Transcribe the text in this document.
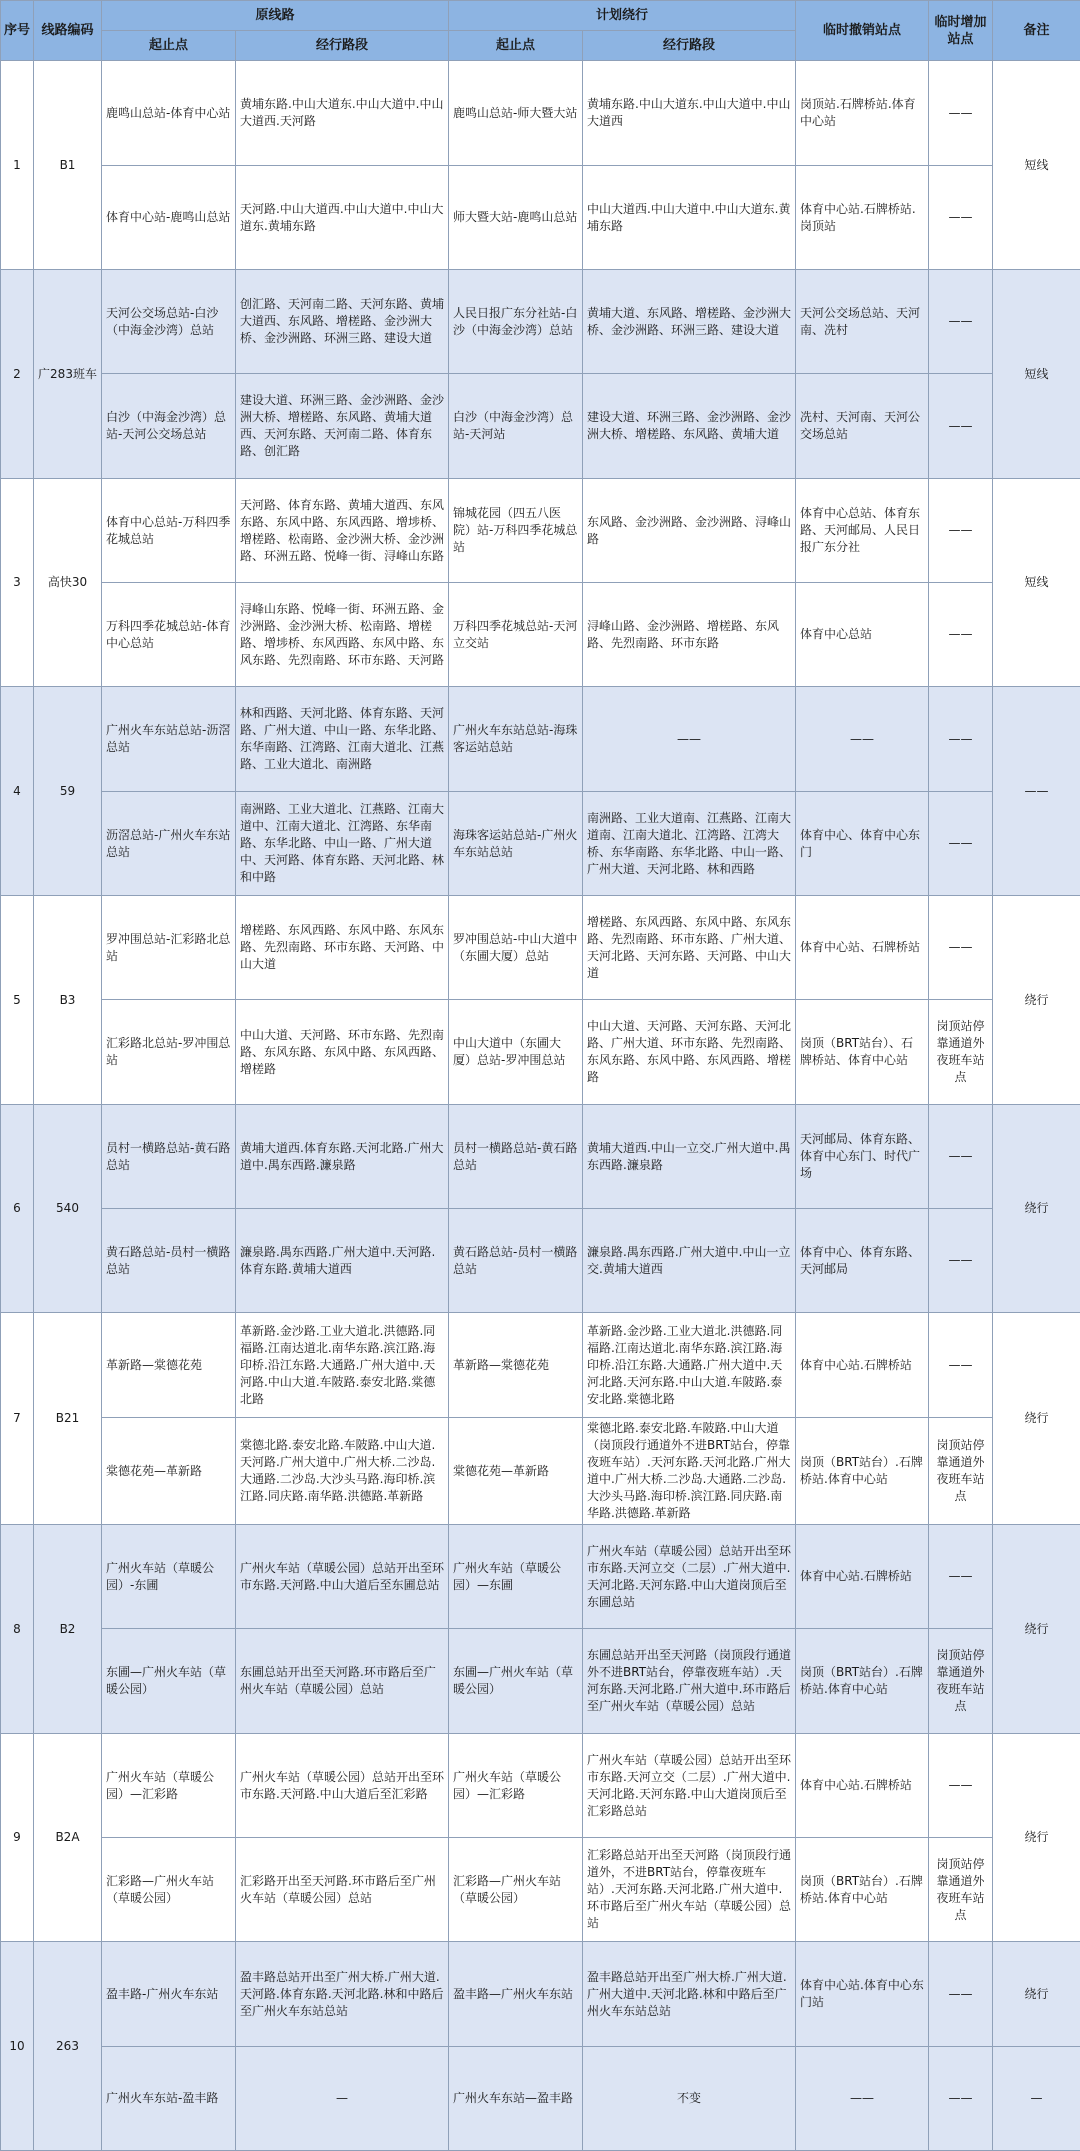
序号	线路编码	原线路		计划绕行		临时撤销站点	临时增加站点	备注
		起止点	经行路段	起止点	经行路段			
1	B1	鹿鸣山总站-体育中心站	黄埔东路.中山大道东.中山大道中.中山大道西.天河路	鹿鸣山总站-师大暨大站	黄埔东路.中山大道东.中山大道中.中山大道西	岗顶站.石牌桥站.体育中心站	——	短线
		体育中心站-鹿鸣山总站	天河路.中山大道西.中山大道中.中山大道东.黄埔东路	师大暨大站-鹿鸣山总站	中山大道西.中山大道中.中山大道东.黄埔东路	体育中心站.石牌桥站.岗顶站	——	
2	广283班车	天河公交场总站-白沙（中海金沙湾）总站	创汇路、天河南二路、天河东路、黄埔大道西、东风路、增槎路、金沙洲大桥、金沙洲路、环洲三路、建设大道	人民日报广东分社站-白沙（中海金沙湾）总站	黄埔大道、东风路、增槎路、金沙洲大桥、金沙洲路、环洲三路、建设大道	天河公交场总站、天河南、冼村	——	短线
		白沙（中海金沙湾）总站-天河公交场总站	建设大道、环洲三路、金沙洲路、金沙洲大桥、增槎路、东风路、黄埔大道西、天河东路、天河南二路、体育东路、创汇路	白沙（中海金沙湾）总站-天河站	建设大道、环洲三路、金沙洲路、金沙洲大桥、增槎路、东风路、黄埔大道	冼村、天河南、天河公交场总站	——	
3	高快30	体育中心总站-万科四季花城总站	天河路、体育东路、黄埔大道西、东风东路、东风中路、东风西路、增埗桥、增槎路、松南路、金沙洲大桥、金沙洲路、环洲五路、悦峰一街、浔峰山东路	锦城花园（四五八医院）站-万科四季花城总站	东风路、金沙洲路、金沙洲路、浔峰山路	体育中心总站、体育东路、天河邮局、人民日报广东分社	——	短线
		万科四季花城总站-体育中心总站	浔峰山东路、悦峰一街、环洲五路、金沙洲路、金沙洲大桥、松南路、增槎路、增埗桥、东风西路、东风中路、东风东路、先烈南路、环市东路、天河路	万科四季花城总站-天河立交站	浔峰山路、金沙洲路、增槎路、东风路、先烈南路、环市东路	体育中心总站	——	
4	59	广州火车东站总站-沥滘总站	林和西路、天河北路、体育东路、天河路、广州大道、中山一路、东华北路、东华南路、江湾路、江南大道北、江燕路、工业大道北、南洲路	广州火车东站总站-海珠客运站总站	——	——	——	——
		沥滘总站-广州火车东站总站	南洲路、工业大道北、江燕路、江南大道中、江南大道北、江湾路、东华南路、东华北路、中山一路、广州大道中、天河路、体育东路、天河北路、林和中路	海珠客运站总站-广州火车东站总站	南洲路、工业大道南、江燕路、江南大道南、江南大道北、江湾路、江湾大桥、东华南路、东华北路、中山一路、广州大道、天河北路、林和西路	体育中心、体育中心东门	——	
5	B3	罗冲围总站-汇彩路北总站	增槎路、东风西路、东风中路、东风东路、先烈南路、环市东路、天河路、中山大道	罗冲围总站-中山大道中（东圃大厦）总站	增槎路、东风西路、东风中路、东风东路、先烈南路、环市东路、广州大道、天河北路、天河东路、天河路、中山大道	体育中心站、石牌桥站	——	绕行
		汇彩路北总站-罗冲围总站	中山大道、天河路、环市东路、先烈南路、东风东路、东风中路、东风西路、增槎路	中山大道中（东圃大厦）总站-罗冲围总站	中山大道、天河路、天河东路、天河北路、广州大道、环市东路、先烈南路、东风东路、东风中路、东风西路、增槎路	岗顶（BRT站台）、石牌桥站、体育中心站	岗顶站停靠通道外夜班车站点	
6	540	员村一横路总站-黄石路总站	黄埔大道西.体育东路.天河北路.广州大道中.禺东西路.濂泉路	员村一横路总站-黄石路总站	黄埔大道西.中山一立交.广州大道中.禺东西路.濂泉路	天河邮局、体育东路、体育中心东门、时代广场	——	绕行
		黄石路总站-员村一横路总站	濂泉路.禺东西路.广州大道中.天河路.体育东路.黄埔大道西	黄石路总站-员村一横路总站	濂泉路.禺东西路.广州大道中.中山一立交.黄埔大道西	体育中心、体育东路、天河邮局	——	
7	B21	革新路—棠德花苑	革新路.金沙路.工业大道北.洪德路.同福路.江南达道北.南华东路.滨江路.海印桥.沿江东路.大通路.广州大道中.天河路.中山大道.车陂路.泰安北路.棠德北路	革新路—棠德花苑	革新路.金沙路.工业大道北.洪德路.同福路.江南达道北.南华东路.滨江路.海印桥.沿江东路.大通路.广州大道中.天河北路.天河东路.中山大道.车陂路.泰安北路.棠德北路	体育中心站.石牌桥站	——	绕行
		棠德花苑—革新路	棠德北路.泰安北路.车陂路.中山大道.天河路.广州大道中.广州大桥.二沙岛.大通路.二沙岛.大沙头马路.海印桥.滨江路.同庆路.南华路.洪德路.革新路	棠德花苑—革新路	棠德北路.泰安北路.车陂路.中山大道（岗顶段行通道外不进BRT站台，停靠夜班车站）.天河东路.天河北路.广州大道中.广州大桥.二沙岛.大通路.二沙岛.大沙头马路.海印桥.滨江路.同庆路.南华路.洪德路.革新路	岗顶（BRT站台）.石牌桥站.体育中心站	岗顶站停靠通道外夜班车站点	
8	B2	广州火车站（草暖公园）-东圃	广州火车站（草暖公园）总站开出至环市东路.天河路.中山大道后至东圃总站	广州火车站（草暖公园）—东圃	广州火车站（草暖公园）总站开出至环市东路.天河立交（二层）.广州大道中.天河北路.天河东路.中山大道岗顶后至东圃总站	体育中心站.石牌桥站	——	绕行
		东圃—广州火车站（草暖公园）	东圃总站开出至天河路.环市路后至广州火车站（草暖公园）总站	东圃—广州火车站（草暖公园）	东圃总站开出至天河路（岗顶段行通道外不进BRT站台，停靠夜班车站）.天河东路.天河北路.广州大道中.环市路后至广州火车站（草暖公园）总站	岗顶（BRT站台）.石牌桥站.体育中心站	岗顶站停靠通道外夜班车站点	
9	B2A	广州火车站（草暖公园）—汇彩路	广州火车站（草暖公园）总站开出至环市东路.天河路.中山大道后至汇彩路	广州火车站（草暖公园）—汇彩路	广州火车站（草暖公园）总站开出至环市东路.天河立交（二层）.广州大道中.天河北路.天河东路.中山大道岗顶后至汇彩路总站	体育中心站.石牌桥站	——	绕行
		汇彩路—广州火车站（草暖公园）	汇彩路开出至天河路.环市路后至广州火车站（草暖公园）总站	汇彩路—广州火车站（草暖公园）	汇彩路总站开出至天河路（岗顶段行通道外，不进BRT站台，停靠夜班车站）.天河东路.天河北路.广州大道中.环市路后至广州火车站（草暖公园）总站	岗顶（BRT站台）.石牌桥站.体育中心站	岗顶站停靠通道外夜班车站点	
10	263	盈丰路-广州火车东站	盈丰路总站开出至广州大桥.广州大道.天河路.体育东路.天河北路.林和中路后至广州火车东站总站	盈丰路—广州火车东站	盈丰路总站开出至广州大桥.广州大道.广州大道中.天河北路.林和中路后至广州火车东站总站	体育中心站.体育中心东门站	——	绕行
		广州火车东站-盈丰路	—	广州火车东站—盈丰路	不变	——	——	—
